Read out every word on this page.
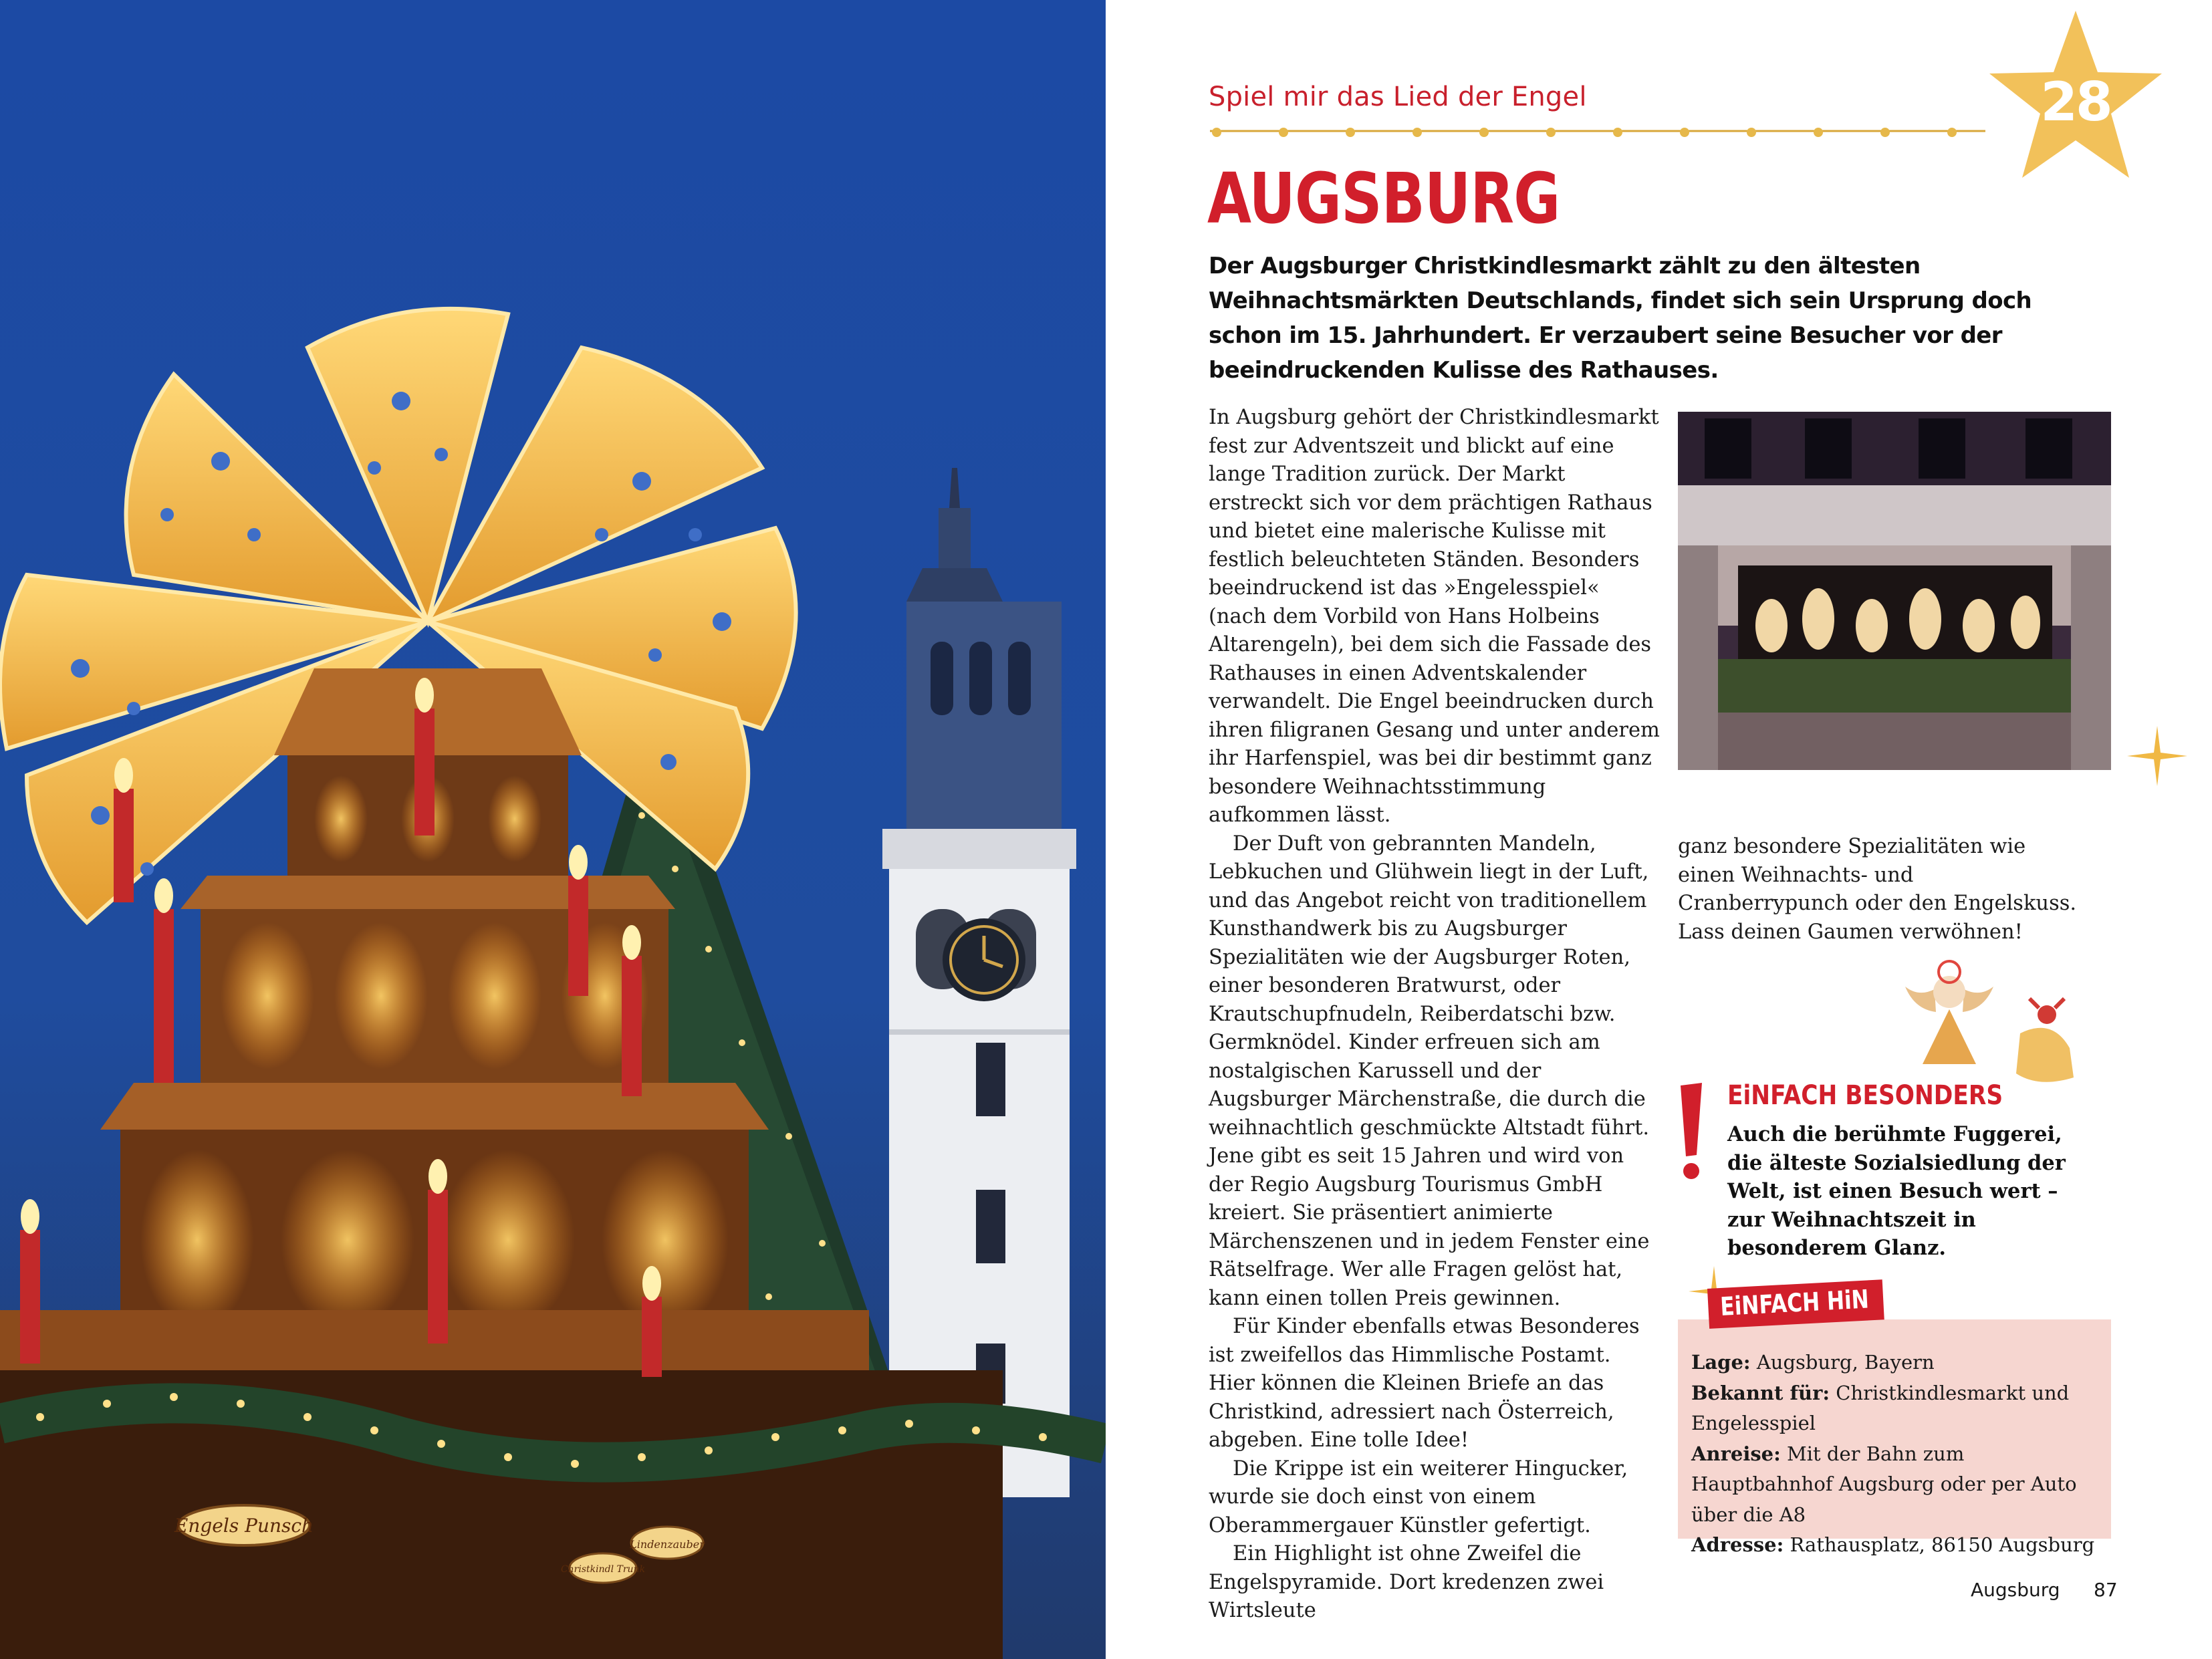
Engels Punsch
Lindenzauber
Christkindl Trunk
Spiel mir das Lied der Engel	28
AUGSBURG
Der Augsburger Christkindlesmarkt zählt zu den ältesten Weihnachtsmärkten Deutschlands, findet sich sein Ursprung doch schon im 15. Jahrhundert. Er verzaubert seine Besucher vor der beeindruckenden Kulisse des Rathauses.

In Augsburg gehört der Christkindlesmarkt fest zur Adventszeit und blickt auf eine lange Tradition zurück. Der Markt erstreckt sich vor dem prächtigen Rathaus und bietet eine malerische Kulisse mit festlich beleuchteten Ständen. Besonders beeindruckend ist das »Engelesspiel« (nach dem Vorbild von Hans Holbeins Altarengeln), bei dem sich die Fassade des Rathauses in einen Adventskalender verwandelt. Die Engel beeindrucken durch ihren filigranen Gesang und unter anderem ihr Harfenspiel, was bei dir bestimmt ganz besondere Weihnachtsstimmung aufkommen lässt.

Der Duft von gebrannten Mandeln, Lebkuchen und Glühwein liegt in der Luft, und das Angebot reicht von traditionellem Kunsthandwerk bis zu Augsburger Spezialitäten wie der Augsburger Roten, einer besonderen Bratwurst, oder Krautschupfnudeln, Reiberdatschi bzw. Germknödel. Kinder erfreuen sich am nostalgischen Karussell und der Augsburger Märchenstraße, die durch die weihnachtlich geschmückte Altstadt führt. Jene gibt es seit 15 Jahren und wird von der Regio Augsburg Tourismus GmbH kreiert. Sie präsentiert animierte Märchenszenen und in jedem Fenster eine Rätselfrage. Wer alle Fragen gelöst hat, kann einen tollen Preis gewinnen.

Für Kinder ebenfalls etwas Besonderes ist zweifellos das Himmlische Postamt. Hier können die Kleinen Briefe an das Christkind, adressiert nach Österreich, abgeben. Eine tolle Idee!

Die Krippe ist ein weiterer Hingucker, wurde sie doch einst von einem Oberammergauer Künstler gefertigt.

Ein Highlight ist ohne Zweifel die Engelspyramide. Dort kredenzen zwei Wirtsleute

ganz besondere Spezialitäten wie einen Weihnachts- und Cranberrypunch oder den Engelskuss. Lass deinen Gaumen verwöhnen!

EiNFACH BESONDERS

Auch die berühmte Fuggerei, die älteste Sozialsiedlung der Welt, ist einen Besuch wert – zur Weihnachtszeit in besonderem Glanz.

Lage: Augsburg, Bayern
Bekannt für: Christkindlesmarkt und Engelesspiel
Anreise: Mit der Bahn zum Hauptbahnhof Augsburg oder per Auto über die A8
Adresse: Rathausplatz, 86150 Augsburg
EiNFACH HiN
Augsburg 87
